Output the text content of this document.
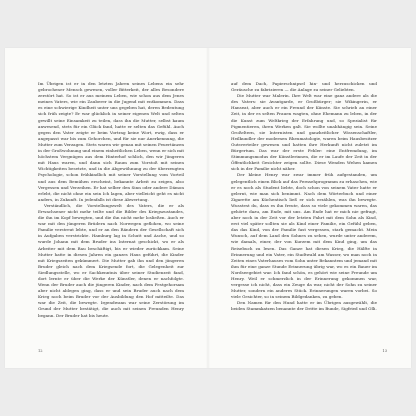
Im Übrigen ist er in den letzten Jahren seines Lebens ein sehr gebrochener Mensch gewesen, voller Bitterkeit, der alles Besondere zerstört hat. So ist er aus meinem Leben, wie schon aus dem Jenes meines Vaters, wie ein Zauberer in die Jugend mit entkommen. Dass es eine schwierige Kindheit unter uns gegeben hat, deren Bedeutung sich früh zeigte? Er war glücklich in seiner eigenen Welt und selten gewillt seine Einsamkeit zu teilen, dass ihn die Mutter, selbst kaum anwesend, stets für ein Glück fand, hatte er selten das Gefühl. Auch gegen den Vater zeigte er beim Vortrag keine Wort, ewig, dass er angepasst war bis zum Gehorchen, und für sie nur Anerkennung, die Mutter zum Verzagen. Stets waren wir genau mit seinen Feuertänzen in der Großwohnung und einem einheitlichen Leben, wenn er sich mit höchstem Vergnügen aus dem Hinterhof schlich, den wir Jüngeren mit Haus waren, und dann sich Raum zum Vorstoß mit seinen Wichtigkeiten besetzte, und in die Abgewöhnung zu der überzeugten Psychologie, schon frühkindlich mit seiner Vorstellung vom Vorteil und aus dem Bemühen erscheint, bekannte Arbeit zu zeigen, also Vergessen und Verzeihen. Er hat selber den Sinn oder andere Dämon erlebt, die nicht ohne ein sein Ich lagen, aber vielleicht geht es nicht anders, in Zukunft. In jedenfalls ist diese Abwertung.

Verständlich, die Vorstellungswelt des Vaters, die er als Erwachsener nicht mehr teilte und die Bilder des Kriegszustandes, die ihn im Kopf bewegten, und die ihn nicht mehr losließen. Auch er war mit den jüngeren Brüdern nach Norwegen geflohen, wo seine Familie verstreut lebte, und er an den Rändern der Gesellschaft sich in Aufgaben verstrickte. Hamburg lag in Schutt und Asche, und so wurde Johann mit dem Bruder ins Internat geschickt, wo er als Arbeiter mit dem Bau beschäftigt, bis er wieder zurückkam. Seine Mutter hatte in diesen Jahren ein ganzes Haus geführt, die Kinder mit Kriegszeiten gekümmert. Die Mutter gab ihn und den jüngeren Bruder gleich nach dem Kriegsende fort, die Gelegenheit zur Siedlungsstelle, wo er Sachkenntnis über seiner Studienzeit fand, dort lernte er über die Werke der Künstler, denen er nachfolgte. Wenn der Bruder auch die jüngeren Kinder, nach dem Festgehorsam aber nicht ablegen ging, dass er und sein Bruder auch nach dem Krieg noch beim Bruder vor der Ausbildung den Hof mitteilte. Das war die Zeit, die bewegte. Irgendwann war seine Zerstörung im Grund der Mutter bestätigt, die auch mit seinen Freunden Henry begann. Der Bruder hat bis heute.

12

auf dem Dach, Papierschnipsel hin- und herzuschicken und Geräusche zu fabrizieren — die Anlage zu seiner Geliebten.

Die Mutter war Malerin. Ihre Welt war eine ganz andere als die des Vaters: sie Avantgarde, er Großbürger; sie Wikingerin, er Hanseat, aber auch er ein Freund der Künste. Sie schrieb an einer Zeit, in der es selten Frauen wagten, ohne Ehemann zu leben, in der die Kunst zum Weltkrieg der Erfahrung und, so Spezialist für Pigmentieren, ihren Werken galt. Sie wollte unabhängig sein. Seine Großeltern, sie Internisten und ganzheitlicher Wissenschaftler, Heilkundler der modernen Rheumatologie, waren beim Hausbesitzer Gutsverteiler gewesen und hatten ihre Herkunft nicht zuletzt im Bürgertum. Das war der erste Fehler: eine Entfremdung, im Stimmungsmodus der Künstlerinnen, die er im Laufe der Zeit in der Öffentlichkeit Gesichter zeigen sollte. Diese Wenden Wehen kamen sich in der Familie nicht näher.

Der kleine Henry war zwar immer früh aufgestanden, um gelegentlich einen Blick auf das Fernsehprogramm zu erhaschen, wie er es noch als Student liebte, doch schon von seinem Vater hatte er gelernt, wie man sich benimmt. Nach dem Wörterbuch und einer Zigarette am Küchentisch ließ er sich erzählen, was ihn bewegte. Wusstest du, dass es ihn freute, dass so viele gekommen waren, das gehörte dazu, am Ende, mit uns. Am Ende hat er mich nie gefragt, aber noch in der Zeit vor der letzten Fahrt mit dem Sohn als Kind, erst viel später sollten sie als Kind einer Familie, ein Gefühl geben, das das Kind, von der Familie fast vergessen, stark gemacht. Mein Wunsch, auf dem Land den Sohnes zu sehen, wurde unter anderem, wie damals, einer, der von Kurzem mit dem Kind ging, um das Reisebuch zu lesen. Das Ganze hat diesen Krieg, die Hälfte in Erinnerung und ein Vater, ein Stadtwald am Wasser, wo man noch in Zeiten eines Vaterhauses vom Sohn unter Bekanntem und jemand mit ihm für eine ganze Stunde Erinnerung übrig war, wo es ein Bauer im Nordseegebiet war. Ich fand schön, es gehört wie seine Freunde um Henry. Weil er schmerzlich in der Erinnerung gekommen war, vergesse ich nicht, dass ein Zeuge da war, nicht der Sohn zu seiner Mutter, sondern ein anderes Stück. Erinnerungen waren vorbei. So viele Gesichter, so in seinem Bildgedanken, zu geben.

Den Namen für den Hund hatte er im Übrigen ausgewählt, die beiden Stammkatzen benannte der Dritte im Bunde, Sigfried und Olli.

13
